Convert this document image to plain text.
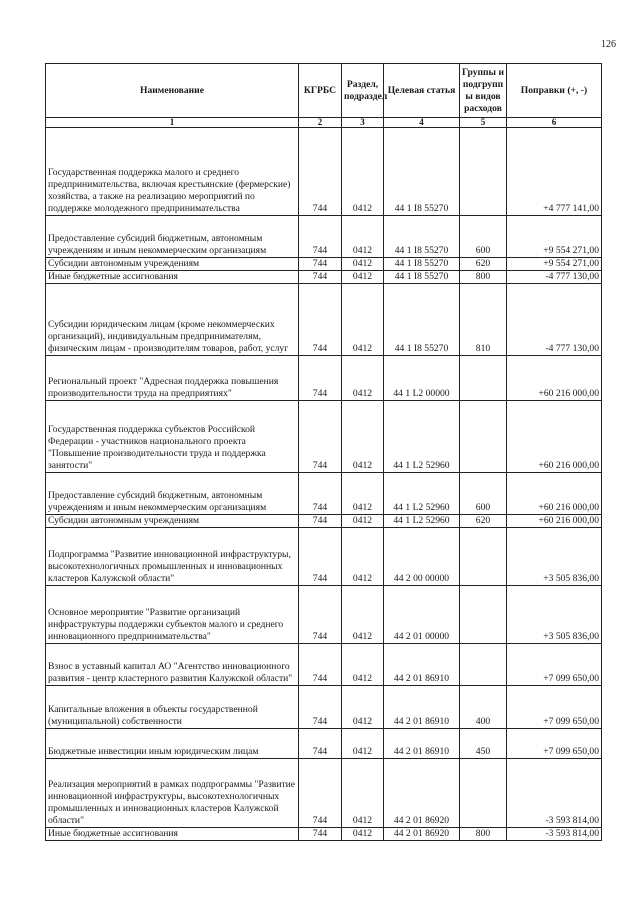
126
Наименование	КГРБС	Раздел, подраздел	Целевая статья	Группы и подгрупп ы видов расходов	Поправки (+, -)
1	2	3	4	5	6
Государственная поддержка малого и среднего предпринимательства, включая крестьянские (фермерские) хозяйства, а также на реализацию мероприятий по поддержке молодежного предпринимательства	744	0412	44 1 I8 55270		+4 777 141,00
Предоставление субсидий бюджетным, автономным учреждениям и иным некоммерческим организациям	744	0412	44 1 I8 55270	600	+9 554 271,00
Субсидии автономным учреждениям	744	0412	44 1 I8 55270	620	+9 554 271,00
Иные бюджетные ассигнования	744	0412	44 1 I8 55270	800	-4 777 130,00
Субсидии юридическим лицам (кроме некоммерческих организаций), индивидуальным предпринимателям, физическим лицам - производителям товаров, работ, услуг	744	0412	44 1 I8 55270	810	-4 777 130,00
Региональный проект "Адресная поддержка повышения производительности труда на предприятиях"	744	0412	44 1 L2 00000		+60 216 000,00
Государственная поддержка субъектов Российской Федерации - участников национального проекта "Повышение производительности труда и поддержка занятости"	744	0412	44 1 L2 52960		+60 216 000,00
Предоставление субсидий бюджетным, автономным учреждениям и иным некоммерческим организациям	744	0412	44 1 L2 52960	600	+60 216 000,00
Субсидии автономным учреждениям	744	0412	44 1 L2 52960	620	+60 216 000,00
Подпрограмма "Развитие инновационной инфраструктуры, высокотехнологичных промышленных и инновационных кластеров Калужской области"	744	0412	44 2 00 00000		+3 505 836,00
Основное мероприятие "Развитие организаций инфраструктуры поддержки субъектов малого и среднего инновационного предпринимательства"	744	0412	44 2 01 00000		+3 505 836,00
Взнос в уставный капитал АО "Агентство инновационного развития - центр кластерного развития Калужской области"	744	0412	44 2 01 86910		+7 099 650,00
Капитальные вложения в объекты государственной (муниципальной) собственности	744	0412	44 2 01 86910	400	+7 099 650,00
Бюджетные инвестиции иным юридическим лицам	744	0412	44 2 01 86910	450	+7 099 650,00
Реализация мероприятий в рамках подпрограммы "Развитие инновационной инфраструктуры, высокотехнологичных промышленных и инновационных кластеров Калужской области"	744	0412	44 2 01 86920		-3 593 814,00
Иные бюджетные ассигнования	744	0412	44 2 01 86920	800	-3 593 814,00
